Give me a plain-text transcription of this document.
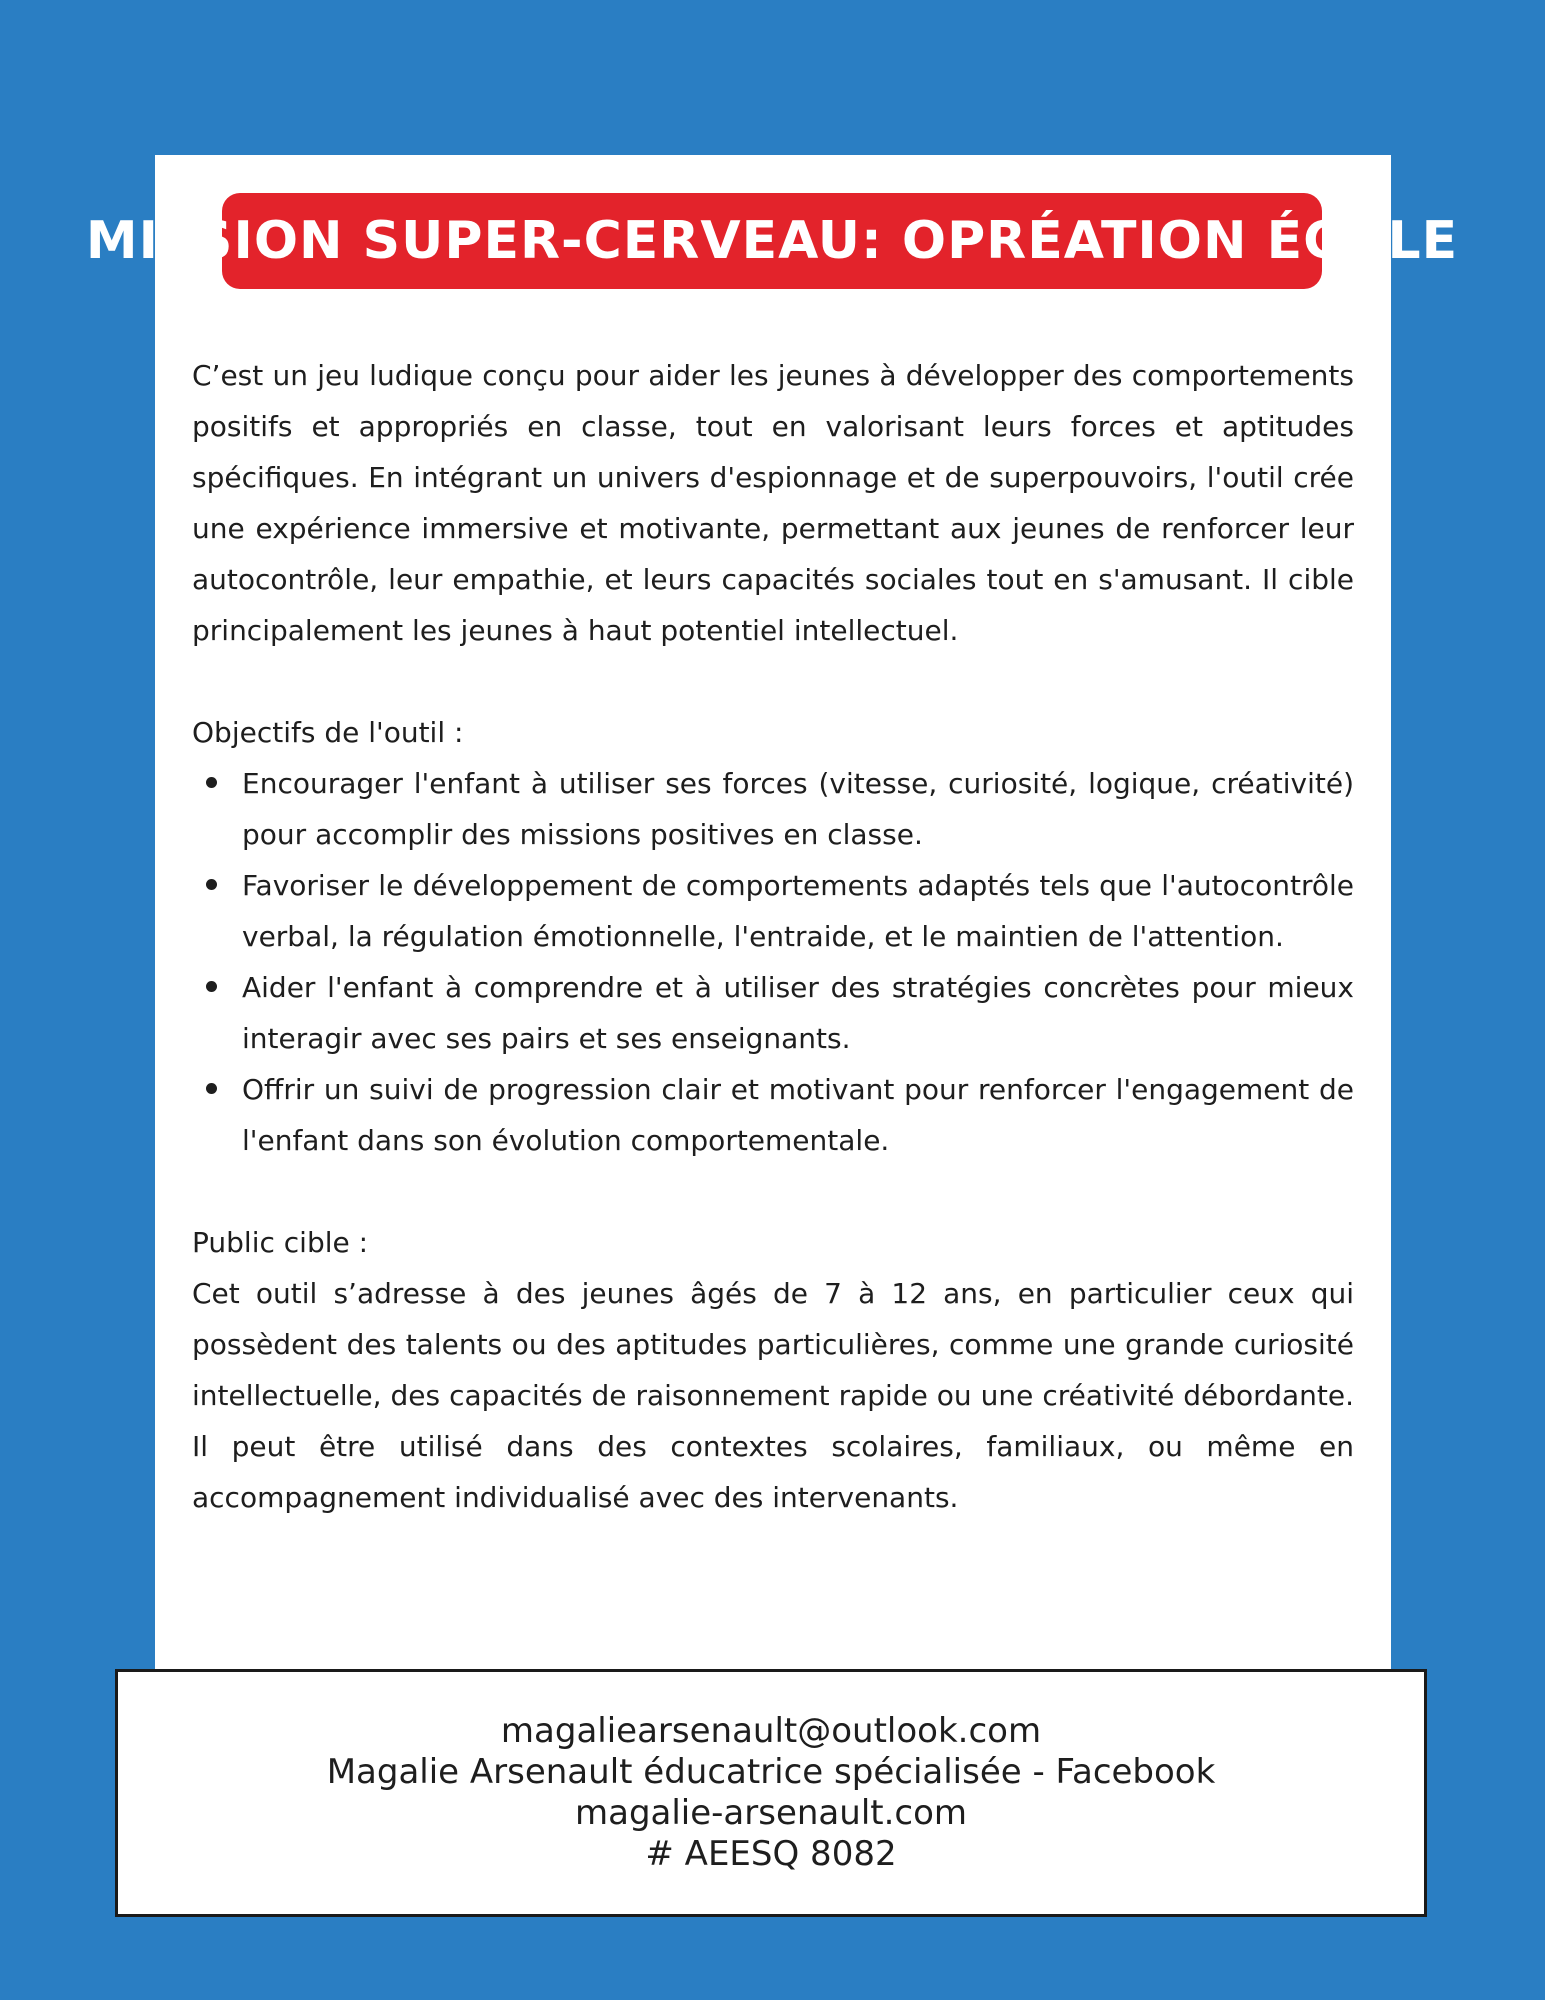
MISSION SUPER-CERVEAU: OPRÉATION ÉCOLE

C’est un jeu ludique conçu pour aider les jeunes à développer des comportements positifs et appropriés en classe, tout en valorisant leurs forces et aptitudes spécifiques. En intégrant un univers d'espionnage et de superpouvoirs, l'outil crée une expérience immersive et motivante, permettant aux jeunes de renforcer leur autocontrôle, leur empathie, et leurs capacités sociales tout en s'amusant. Il cible principalement les jeunes à haut potentiel intellectuel.

Objectifs de l'outil :
Encourager l'enfant à utiliser ses forces (vitesse, curiosité, logique, créativité) pour accomplir des missions positives en classe.
Favoriser le développement de comportements adaptés tels que l'autocontrôle verbal, la régulation émotionnelle, l'entraide, et le maintien de l'attention.
Aider l'enfant à comprendre et à utiliser des stratégies concrètes pour mieux interagir avec ses pairs et ses enseignants.
Offrir un suivi de progression clair et motivant pour renforcer l'engagement de l'enfant dans son évolution comportementale.
Public cible :

Cet outil s’adresse à des jeunes âgés de 7 à 12 ans, en particulier ceux qui possèdent des talents ou des aptitudes particulières, comme une grande curiosité intellectuelle, des capacités de raisonnement rapide ou une créativité débordante. Il peut être utilisé dans des contextes scolaires, familiaux, ou même en accompagnement individualisé avec des intervenants.

magaliearsenault@outlook.com
Magalie Arsenault éducatrice spécialisée - Facebook
magalie-arsenault.com
# AEESQ 8082
